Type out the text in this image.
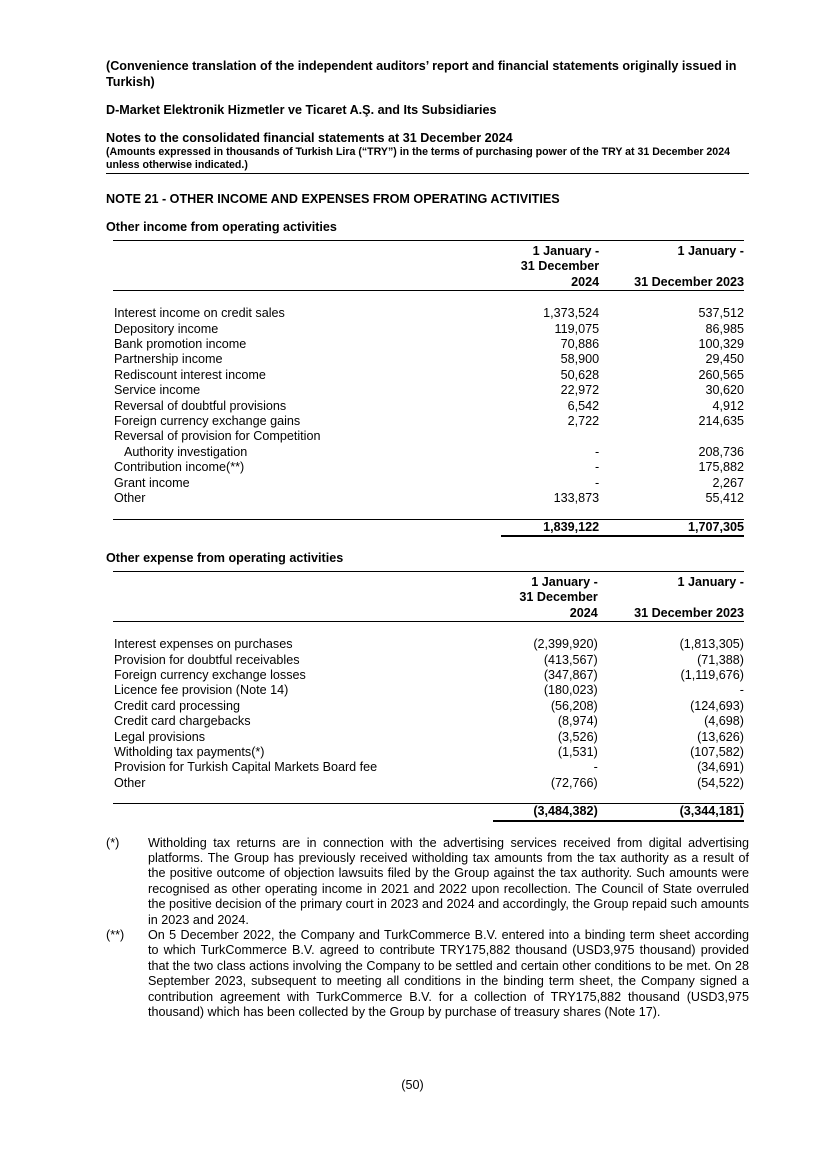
(Convenience translation of the independent auditors’ report and financial statements originally issued in Turkish)
D-Market Elektronik Hizmetler ve Ticaret A.Ş. and Its Subsidiaries
Notes to the consolidated financial statements at 31 December 2024
(Amounts expressed in thousands of Turkish Lira (“TRY”) in the terms of purchasing power of the TRY at 31 December 2024 unless otherwise indicated.)
NOTE 21 - OTHER INCOME AND EXPENSES FROM OPERATING ACTIVITIES
Other income from operating activities
	1 January -	1 January -
	31 December 2024	31 December 2023

Interest income on credit sales	1,373,524	537,512
Depository income	119,075	86,985
Bank promotion income	70,886	100,329
Partnership income	58,900	29,450
Rediscount interest income	50,628	260,565
Service income	22,972	30,620
Reversal of doubtful provisions	6,542	4,912
Foreign currency exchange gains	2,722	214,635
Reversal of provision for Competition		
Authority investigation	-	208,736
Contribution income(**)	-	175,882
Grant income	-	2,267
Other	133,873	55,412

	1,839,122	1,707,305
Other expense from operating activities
	1 January -	1 January -
	31 December 2024	31 December 2023

Interest expenses on purchases	(2,399,920)	(1,813,305)
Provision for doubtful receivables	(413,567)	(71,388)
Foreign currency exchange losses	(347,867)	(1,119,676)
Licence fee provision (Note 14)	(180,023)	-
Credit card processing	(56,208)	(124,693)
Credit card chargebacks	(8,974)	(4,698)
Legal provisions	(3,526)	(13,626)
Witholding tax payments(*)	(1,531)	(107,582)
Provision for Turkish Capital Markets Board fee	-	(34,691)
Other	(72,766)	(54,522)

	(3,484,382)	(3,344,181)
(*)	Witholding tax returns are in connection with the advertising services received from digital advertising platforms. The Group has previously received witholding tax amounts from the tax authority as a result of the positive outcome of objection lawsuits filed by the Group against the tax authority. Such amounts were recognised as other operating income in 2021 and 2022 upon recollection. The Council of State overruled the positive decision of the primary court in 2023 and 2024 and accordingly, the Group repaid such amounts in 2023 and 2024.
(**)	On 5 December 2022, the Company and TurkCommerce B.V. entered into a binding term sheet according to which TurkCommerce B.V. agreed to contribute TRY175,882 thousand (USD3,975 thousand) provided that the two class actions involving the Company to be settled and certain other conditions to be met. On 28 September 2023, subsequent to meeting all conditions in the binding term sheet, the Company signed a contribution agreement with TurkCommerce B.V. for a collection of TRY175,882 thousand (USD3,975 thousand) which has been collected by the Group by purchase of treasury shares (Note 17).
(50)
